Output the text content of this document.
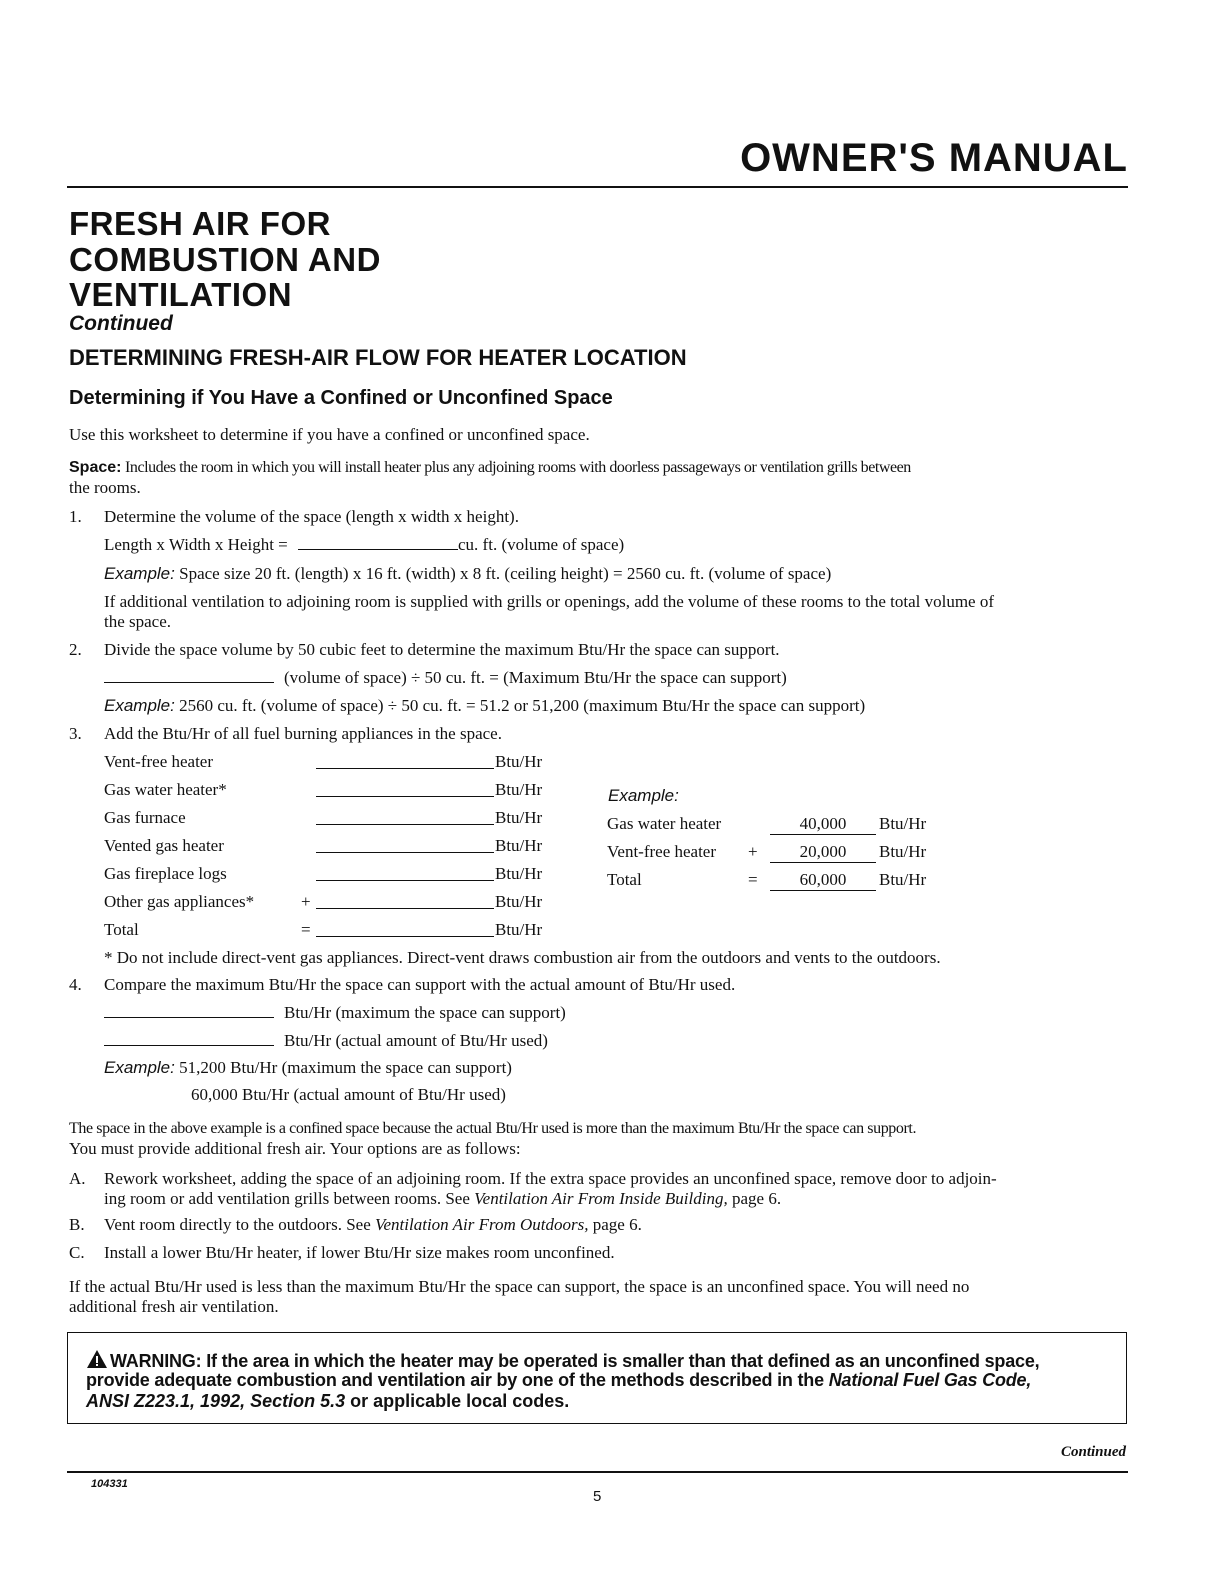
OWNER'S MANUAL
FRESH AIR FOR
COMBUSTION AND
VENTILATION
Continued
DETERMINING FRESH-AIR FLOW FOR HEATER LOCATION
Determining if You Have a Confined or Unconfined Space
Use this worksheet to determine if you have a confined or unconfined space.
Space: Includes the room in which you will install heater plus any adjoining rooms with doorless passageways or ventilation grills between
the rooms.
1. Determine the volume of the space (length x width x height).
Length x Width x Height =	cu. ft. (volume of space)
Example: Space size 20 ft. (length) x 16 ft. (width) x 8 ft. (ceiling height) = 2560 cu. ft. (volume of space)
If additional ventilation to adjoining room is supplied with grills or openings, add the volume of these rooms to the total volume of
the space.
2. Divide the space volume by 50 cubic feet to determine the maximum Btu/Hr the space can support.
(volume of space) ÷ 50 cu. ft. = (Maximum Btu/Hr the space can support)
Example: 2560 cu. ft. (volume of space) ÷ 50 cu. ft. = 51.2 or 51,200 (maximum Btu/Hr the space can support)
3. Add the Btu/Hr of all fuel burning appliances in the space.
Vent-free heater	Btu/Hr
Gas water heater*	Btu/Hr
Gas furnace	Btu/Hr
Vented gas heater	Btu/Hr
Gas fireplace logs	Btu/Hr
Other gas appliances*	+	Btu/Hr
Total	=	Btu/Hr
Example:
Gas water heater	40,000	Btu/Hr
Vent-free heater +	20,000	Btu/Hr
Total	=	60,000	Btu/Hr
* Do not include direct-vent gas appliances. Direct-vent draws combustion air from the outdoors and vents to the outdoors.
4. Compare the maximum Btu/Hr the space can support with the actual amount of Btu/Hr used.
Btu/Hr (maximum the space can support)
Btu/Hr (actual amount of Btu/Hr used)
Example: 51,200 Btu/Hr (maximum the space can support)
60,000 Btu/Hr (actual amount of Btu/Hr used)
The space in the above example is a confined space because the actual Btu/Hr used is more than the maximum Btu/Hr the space can support.
You must provide additional fresh air. Your options are as follows:
A. Rework worksheet, adding the space of an adjoining room. If the extra space provides an unconfined space, remove door to adjoin-
ing room or add ventilation grills between rooms. See Ventilation Air From Inside Building, page 6.
B. Vent room directly to the outdoors. See Ventilation Air From Outdoors, page 6.
C. Install a lower Btu/Hr heater, if lower Btu/Hr size makes room unconfined.
If the actual Btu/Hr used is less than the maximum Btu/Hr the space can support, the space is an unconfined space. You will need no
additional fresh air ventilation.
WARNING: If the area in which the heater may be operated is smaller than that defined as an unconfined space,
provide adequate combustion and ventilation air by one of the methods described in the National Fuel Gas Code,
ANSI Z223.1, 1992, Section 5.3 or applicable local codes.
Continued
104331
5
